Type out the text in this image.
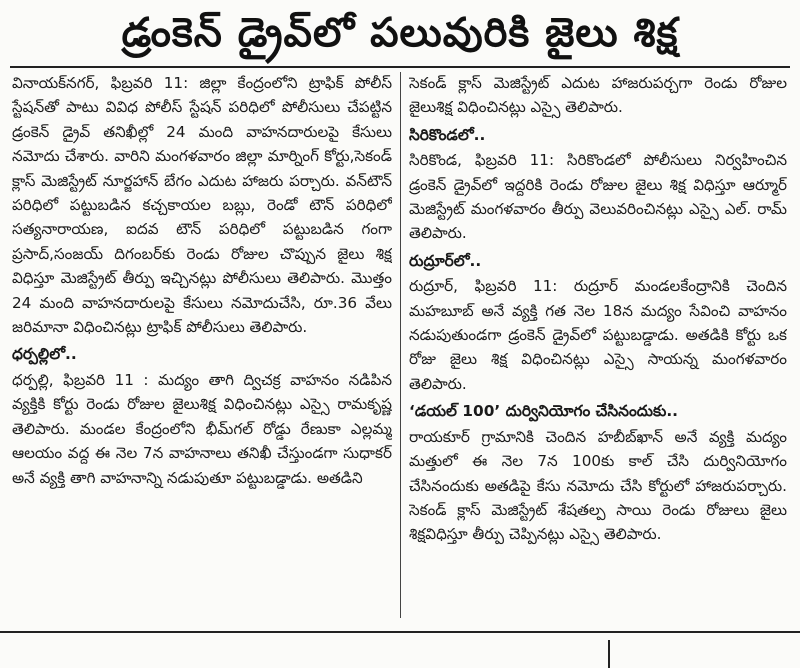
డ్రంకెన్ డ్రైవ్‌లో పలువురికి జైలు శిక్ష

వినాయక్‌నగర్, ఫిబ్రవరి 11: జిల్లా కేంద్రంలోని ట్రాఫిక్ పోలీస్ స్టేషన్‌తో పాటు వివిధ పోలీస్ స్టేషన్ పరిధిలో పోలీసులు చేపట్టిన డ్రంకెన్ డ్రైవ్ తనిఖీల్లో 24 మంది వాహనదారులపై కేసులు నమోదు చేశారు. వారిని మంగళవారం జిల్లా మార్నింగ్ కోర్టు,సెకండ్ క్లాస్ మెజిస్ట్రేట్ నూర్జహాన్ బేగం ఎదుట హాజరు పర్చారు. వన్‌టౌన్ పరిధిలో పట్టుబడిన కచ్చకాయల బబ్లు, రెండో టౌన్ పరిధిలో సత్యనారాయణ, ఐదవ టౌన్ పరిధిలో పట్టుబడిన గంగా ప్రసాద్,సంజయ్ దిగంబర్‌కు రెండు రోజుల చొప్పున జైలు శిక్ష విధిస్తూ మెజిస్ట్రేట్ తీర్పు ఇచ్చినట్లు పోలీసులు తెలిపారు. మొత్తం 24 మంది వాహనదారులపై కేసులు నమోదుచేసి, రూ.36 వేలు జరిమానా విధించినట్లు ట్రాఫిక్ పోలీసులు తెలిపారు.

ధర్పల్లిలో..

ధర్పల్లి, ఫిబ్రవరి 11 : మద్యం తాగి ద్విచక్ర వాహనం నడిపిన వ్యక్తికి కోర్టు రెండు రోజుల జైలుశిక్ష విధించినట్లు ఎస్సై రామకృష్ణ తెలిపారు. మండల కేంద్రంలోని భీమ్‌గల్ రోడ్డు రేణుకా ఎల్లమ్మ ఆలయం వద్ద ఈ నెల 7న వాహనాలు తనిఖీ చేస్తుండగా సుధాకర్ అనే వ్యక్తి తాగి వాహనాన్ని నడుపుతూ పట్టుబడ్డాడు. అతడిని

సెకండ్ క్లాస్ మెజిస్ట్రేట్ ఎదుట హాజరుపర్చగా రెండు రోజుల జైలుశిక్ష విధించినట్లు ఎస్సై తెలిపారు.

సిరికొండలో..

సిరికొండ, ఫిబ్రవరి 11: సిరికొండలో పోలీసులు నిర్వహించిన డ్రంకెన్ డ్రైవ్‌లో ఇద్దరికి రెండు రోజుల జైలు శిక్ష విధిస్తూ ఆర్మూర్ మెజిస్ట్రేట్ మంగళవారం తీర్పు వెలువరించినట్లు ఎస్సై ఎల్. రామ్ తెలిపారు.

రుద్రూర్‌లో..

రుద్రూర్, ఫిబ్రవరి 11: రుద్రూర్ మండలకేంద్రానికి చెందిన మహబూబ్ అనే వ్యక్తి గత నెల 18న మద్యం సేవించి వాహనం నడుపుతుండగా డ్రంకెన్ డ్రైవ్‌లో పట్టుబడ్డాడు. అతడికి కోర్టు ఒక రోజు జైలు శిక్ష విధించినట్లు ఎస్సై సాయన్న మంగళవారం తెలిపారు.

‘డయల్ 100’ దుర్వినియోగం చేసినందుకు..

రాయకూర్ గ్రామానికి చెందిన హబీబ్‌ఖాన్ అనే వ్యక్తి మద్యం మత్తులో ఈ నెల 7న 100కు కాల్ చేసి దుర్వినియోగం చేసినందుకు అతడిపై కేసు నమోదు చేసి కోర్టులో హాజరుపర్చారు. సెకండ్ క్లాస్ మెజిస్ట్రేట్ శేషతల్ప సాయి రెండు రోజులు జైలు శిక్షవిధిస్తూ తీర్పు చెప్పినట్లు ఎస్సై తెలిపారు.
